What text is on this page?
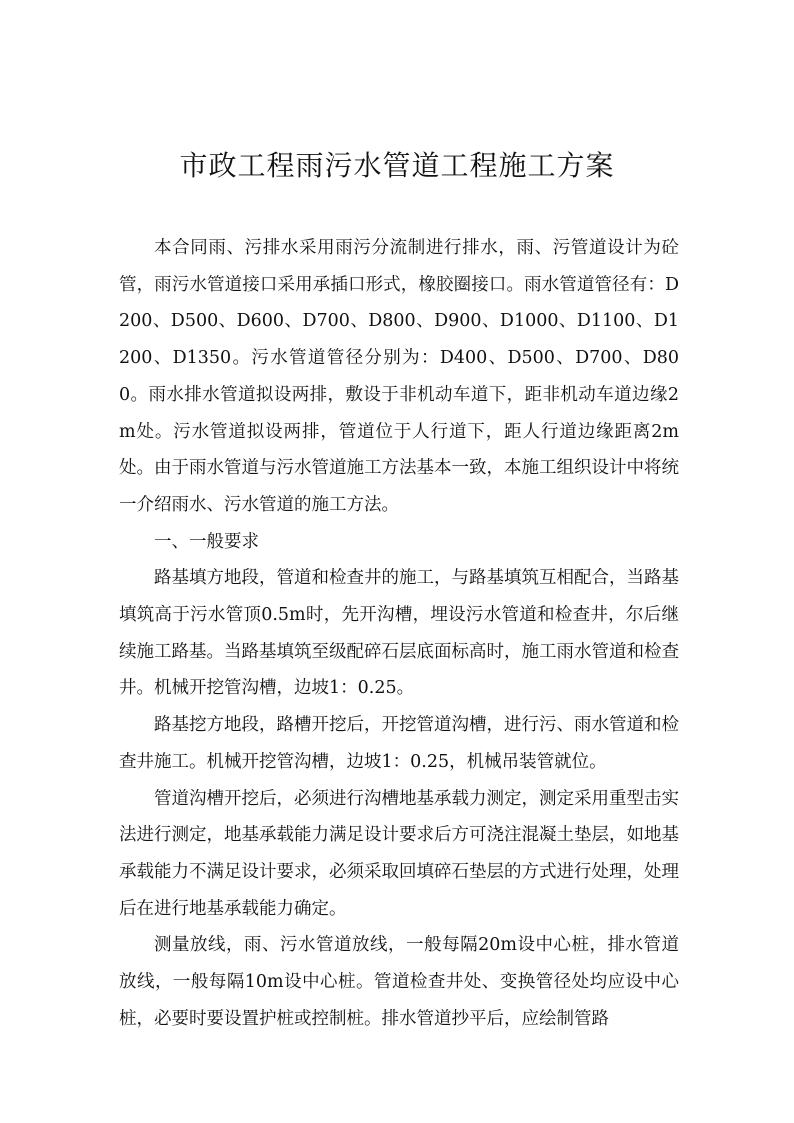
市政工程雨污水管道工程施工方案

本合同雨、污排水采用雨污分流制进行排水，雨、污管道设计为砼管，雨污水管道接口采用承插口形式，橡胶圈接口。雨水管道管径有：D200、D500、D600、D700、D800、D900、D1000、D1100、D1200、D1350。污水管道管径分别为：D400、D500、D700、D800。雨水排水管道拟设两排，敷设于非机动车道下，距非机动车道边缘2m处。污水管道拟设两排，管道位于人行道下，距人行道边缘距离2m处。由于雨水管道与污水管道施工方法基本一致，本施工组织设计中将统一介绍雨水、污水管道的施工方法。

一、一般要求

路基填方地段，管道和检查井的施工，与路基填筑互相配合，当路基填筑高于污水管顶0.5m时，先开沟槽，埋设污水管道和检查井，尔后继续施工路基。当路基填筑至级配碎石层底面标高时，施工雨水管道和检查井。机械开挖管沟槽，边坡1：0.25。

路基挖方地段，路槽开挖后，开挖管道沟槽，进行污、雨水管道和检查井施工。机械开挖管沟槽，边坡1：0.25，机械吊装管就位。

管道沟槽开挖后，必须进行沟槽地基承载力测定，测定采用重型击实法进行测定，地基承载能力满足设计要求后方可浇注混凝土垫层，如地基承载能力不满足设计要求，必须采取回填碎石垫层的方式进行处理，处理后在进行地基承载能力确定。

测量放线，雨、污水管道放线，一般每隔20m设中心桩，排水管道放线，一般每隔10m设中心桩。管道检查井处、变换管径处均应设中心桩，必要时要设置护桩或控制桩。排水管道抄平后，应绘制管路
